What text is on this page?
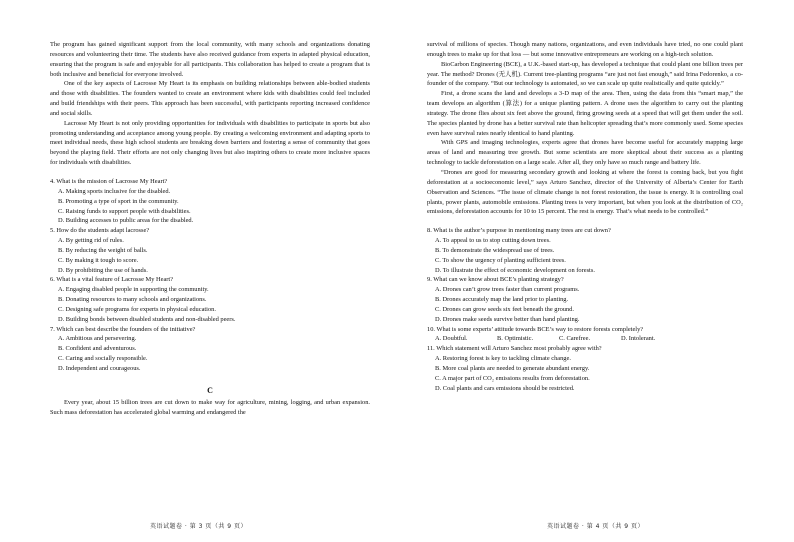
The program has gained significant support from the local community, with many schools and organizations donating resources and volunteering their time. The students have also received guidance from experts in adapted physical education, ensuring that the program is safe and enjoyable for all participants. This collaboration has helped to create a program that is both inclusive and beneficial for everyone involved.

One of the key aspects of Lacrosse My Heart is its emphasis on building relationships between able-bodied students and those with disabilities. The founders wanted to create an environment where kids with disabilities could feel included and build friendships with their peers. This approach has been successful, with participants reporting increased confidence and social skills.

Lacrosse My Heart is not only providing opportunities for individuals with disabilities to participate in sports but also promoting understanding and acceptance among young people. By creating a welcoming environment and adapting sports to meet individual needs, these high school students are breaking down barriers and fostering a sense of community that goes beyond the playing field. Their efforts are not only changing lives but also inspiring others to create more inclusive spaces for individuals with disabilities.

4. What is the mission of Lacrosse My Heart?

A. Making sports inclusive for the disabled.

B. Promoting a type of sport in the community.

C. Raising funds to support people with disabilities.

D. Building accesses to public areas for the disabled.

5. How do the students adapt lacrosse?

A. By getting rid of rules.

B. By reducing the weight of balls.

C. By making it tough to score.

D. By prohibiting the use of hands.

6. What is a vital feature of Lacrosse My Heart?

A. Engaging disabled people in supporting the community.

B. Donating resources to many schools and organizations.

C. Designing safe programs for experts in physical education.

D. Building bonds between disabled students and non-disabled peers.

7. Which can best describe the founders of the initiative?

A. Ambitious and persevering.

B. Confident and adventurous.

C. Caring and socially responsible.

D. Independent and courageous.

C

Every year, about 15 billion trees are cut down to make way for agriculture, mining, logging, and urban expansion. Such mass deforestation has accelerated global warming and endangered the

英语试题卷 · 第 3 页（共 9 页）

survival of millions of species. Though many nations, organizations, and even individuals have tried, no one could plant enough trees to make up for that loss — but some innovative entrepreneurs are working on a high-tech solution.

BioCarbon Engineering (BCE), a U.K.-based start-up, has developed a technique that could plant one billion trees per year. The method? Drones (无人机). Current tree-planting programs “are just not fast enough,” said Irina Fedorenko, a co-founder of the company. “But our technology is automated, so we can scale up quite realistically and quite quickly.”

First, a drone scans the land and develops a 3-D map of the area. Then, using the data from this “smart map,” the team develops an algorithm (算法) for a unique planting pattern. A drone uses the algorithm to carry out the planting strategy. The drone flies about six feet above the ground, firing growing seeds at a speed that will get them under the soil. The species planted by drone has a better survival rate than helicopter spreading that’s more commonly used. Some species even have survival rates nearly identical to hand planting.

With GPS and imaging technologies, experts agree that drones have become useful for accurately mapping large areas of land and measuring tree growth. But some scientists are more skeptical about their success as a planting technology to tackle deforestation on a large scale. After all, they only have so much range and battery life.

“Drones are good for measuring secondary growth and looking at where the forest is coming back, but you fight deforestation at a socioeconomic level,” says Arturo Sanchez, director of the University of Alberta’s Center for Earth Observation and Sciences. “The issue of climate change is not forest restoration, the issue is energy. It is controlling coal plants, power plants, automobile emissions. Planting trees is very important, but when you look at the distribution of CO₂ emissions, deforestation accounts for 10 to 15 percent. The rest is energy. That’s what needs to be controlled.”

8. What is the author’s purpose in mentioning many trees are cut down?

A. To appeal to us to stop cutting down trees.

B. To demonstrate the widespread use of trees.

C. To show the urgency of planting sufficient trees.

D. To illustrate the effect of economic development on forests.

9. What can we know about BCE’s planting strategy?

A. Drones can’t grow trees faster than current programs.

B. Drones accurately map the land prior to planting.

C. Drones can grow seeds six feet beneath the ground.

D. Drones make seeds survive better than hand planting.

10. What is some experts’ attitude towards BCE’s way to restore forests completely?

A. Doubtful.	B. Optimistic.	C. Carefree.	D. Intolerant.

11. Which statement will Arturo Sanchez most probably agree with?

A. Restoring forest is key to tackling climate change.

B. More coal plants are needed to generate abundant energy.

C. A major part of CO₂ emissions results from deforestation.

D. Coal plants and cars emissions should be restricted.

英语试题卷 · 第 4 页（共 9 页）
